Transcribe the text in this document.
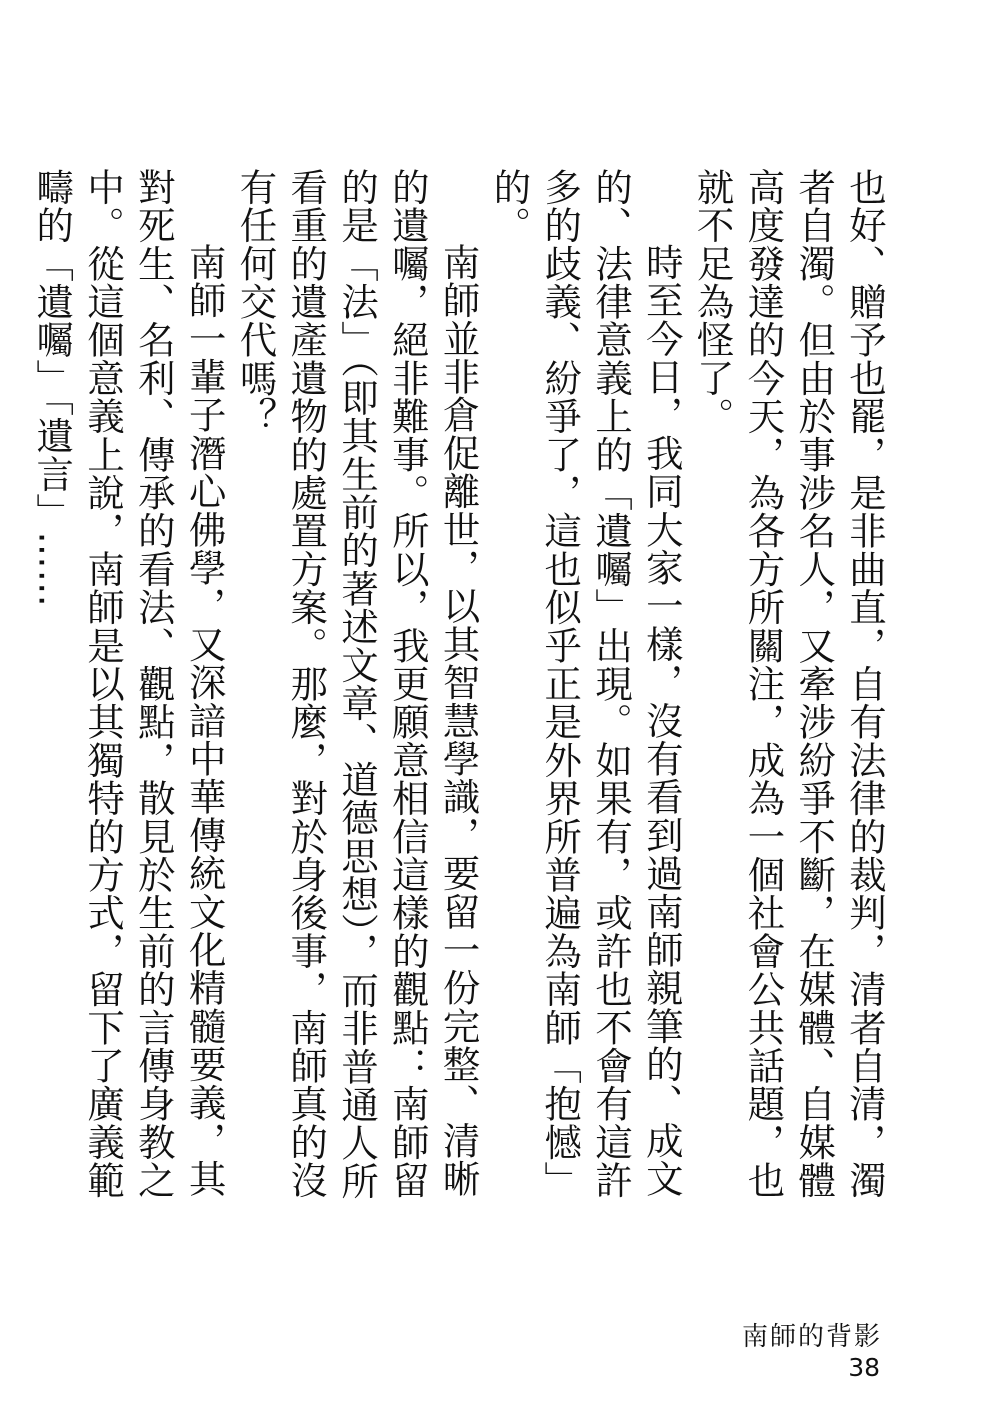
也好、贈予也罷，是非曲直，自有法律的裁判，清者自清，濁者自濁。但由於事涉名人，又牽涉紛爭不斷，在媒體、自媒體高度發達的今天，為各方所關注，成為一個社會公共話題，也就不足為怪了。

時至今日，我同大家一樣，沒有看到過南師親筆的、成文的、法律意義上的「遺囑」出現。如果有，或許也不會有這許多的歧義、紛爭了，這也似乎正是外界所普遍為南師「抱憾」的。

南師並非倉促離世，以其智慧學識，要留一份完整、清晰的遺囑，絕非難事。所以，我更願意相信這樣的觀點：南師留的是「法」（即其生前的著述文章、道德思想），而非普通人所看重的遺產遺物的處置方案。那麼，對於身後事，南師真的沒有任何交代嗎？

南師一輩子潛心佛學，又深諳中華傳統文化精髓要義，其對死生、名利、傳承的看法、觀點，散見於生前的言傳身教之中。從這個意義上說，南師是以其獨特的方式，留下了廣義範疇的「遺囑」「遺言」……

南師的背影
38
